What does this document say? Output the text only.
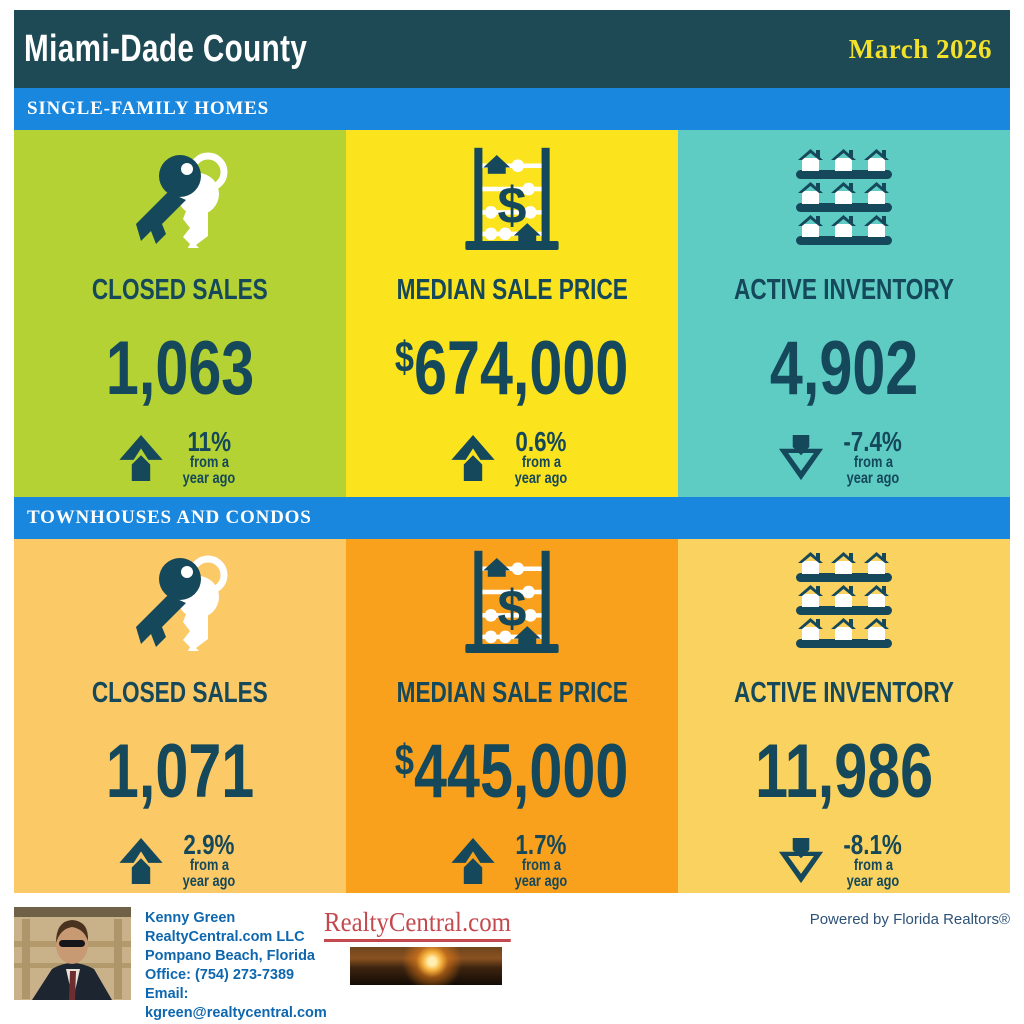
Miami-Dade County	March 2026
SINGLE-FAMILY HOMES
CLOSED SALES
1,063
11%
from a
year ago
MEDIAN SALE PRICE
$674,000
0.6%
from a
year ago
ACTIVE INVENTORY
4,902
-7.4%
from a
year ago
TOWNHOUSES AND CONDOS
CLOSED SALES
1,071
2.9%
from a
year ago
MEDIAN SALE PRICE
$445,000
1.7%
from a
year ago
ACTIVE INVENTORY
11,986
-8.1%
from a
year ago
Kenny Green
RealtyCentral.com LLC
Pompano Beach, Florida
Office: (754) 273-7389
Email: kgreen@realtycentral.com
RealtyCentral.com	Powered by Florida Realtors®
